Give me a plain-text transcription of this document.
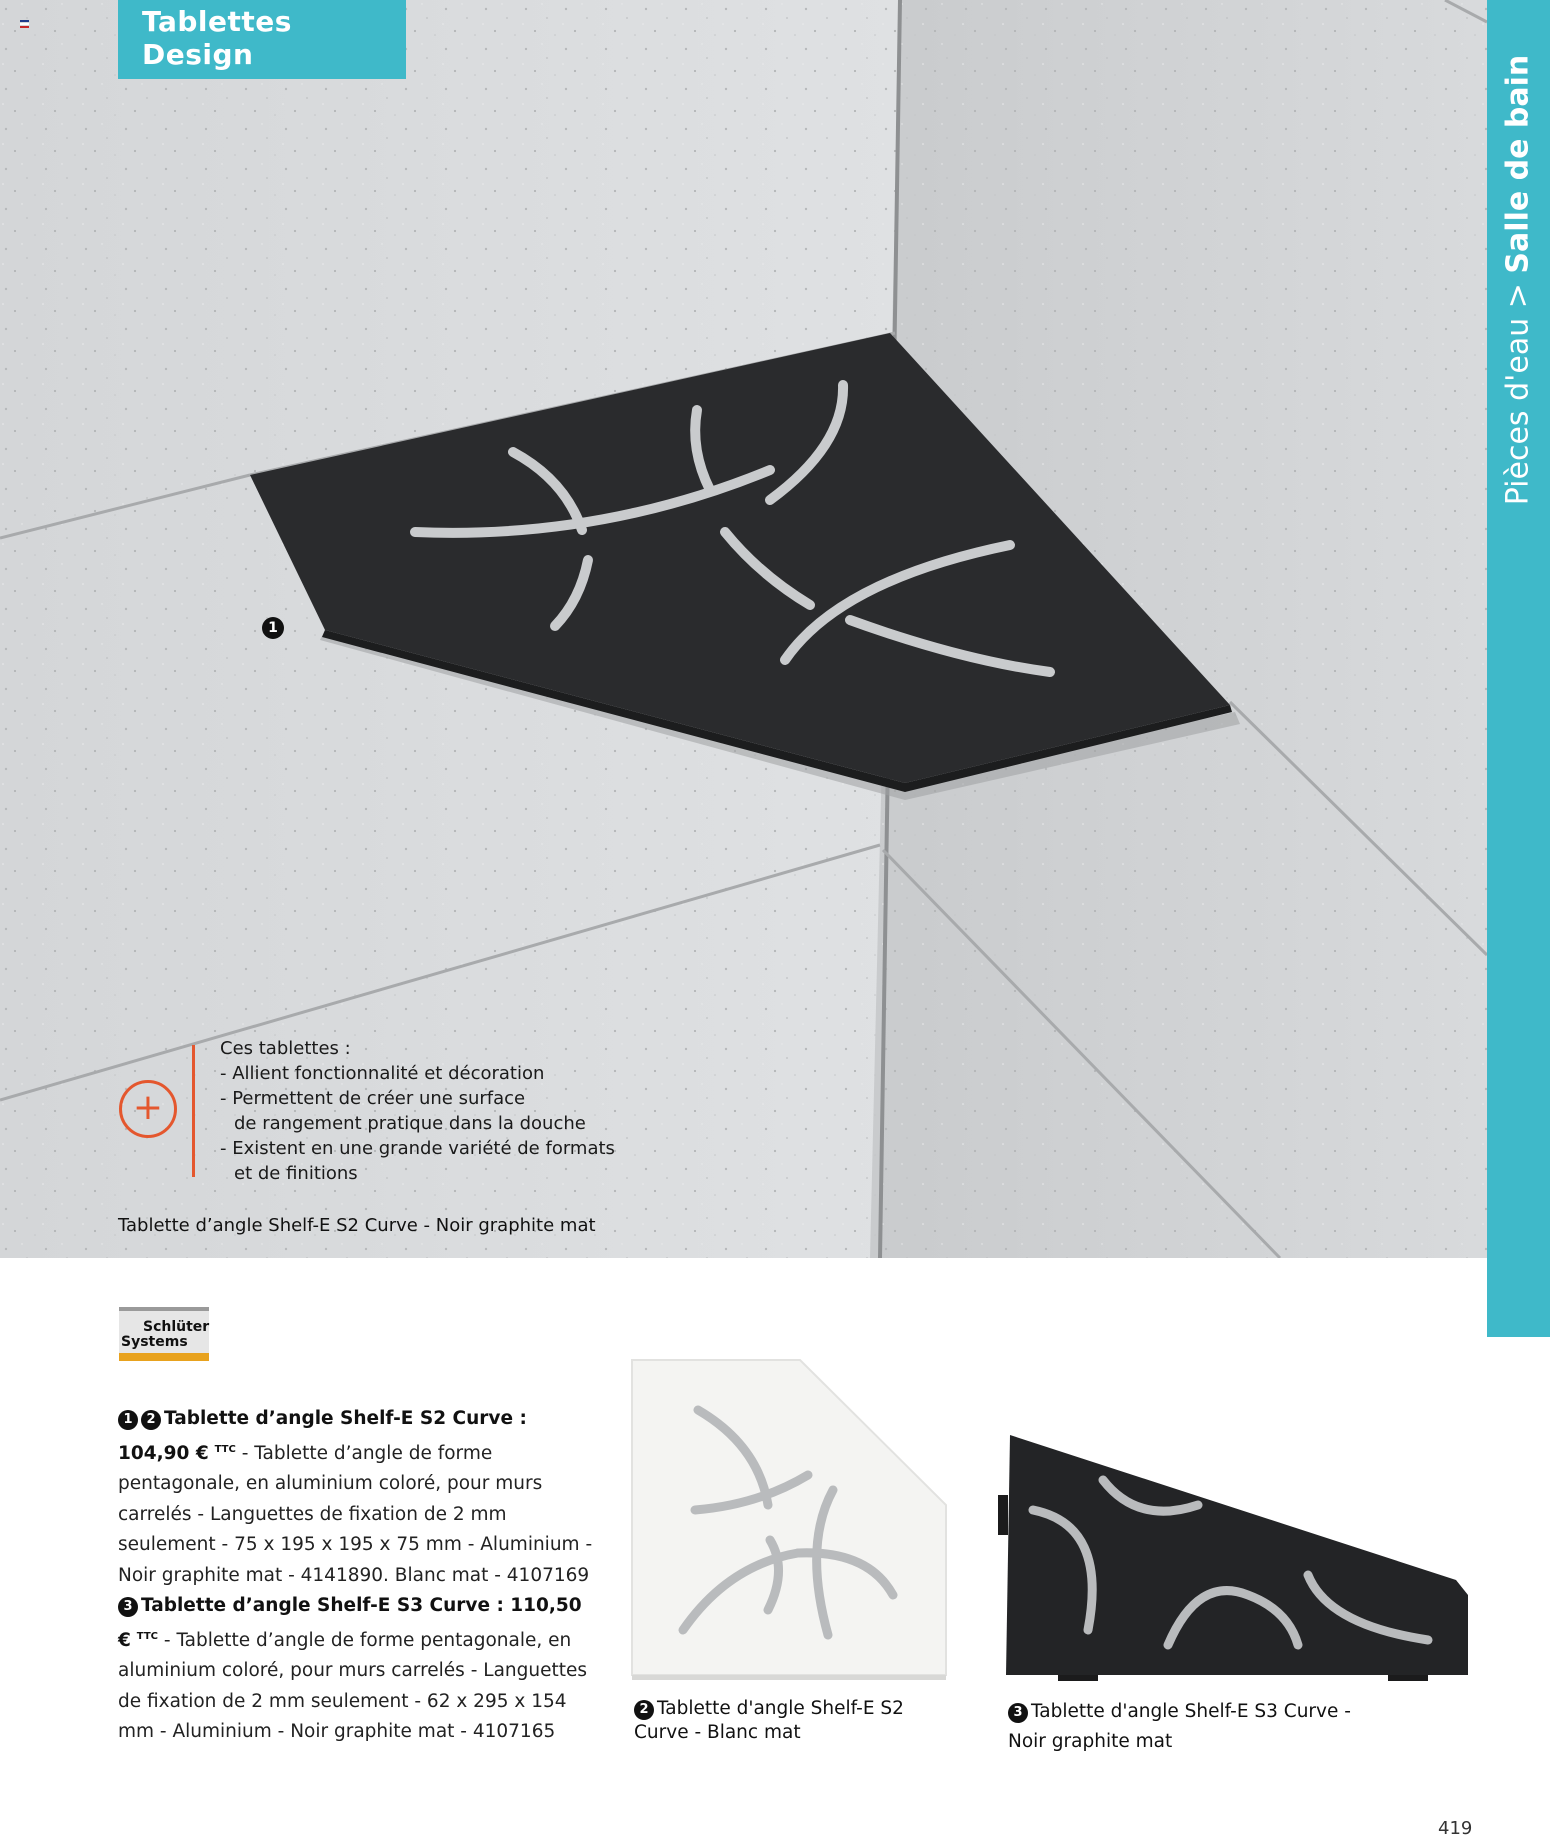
Tablettes Design
Pièces d'eau > Salle de bain
1
+
Ces tablettes :
- Allient fonctionnalité et décoration
- Permettent de créer une surface
de rangement pratique dans la douche
- Existent en une grande variété de formats
et de finitions
Tablette d’angle Shelf-E S2 Curve - Noir graphite mat
Schlüter
Systems

1 2 Tablette d’angle Shelf-E S2 Curve : 104,90 € $^{TTC}$ - Tablette d’angle de forme pentagonale, en aluminium coloré, pour murs carrelés - Languettes de fixation de 2 mm seulement - 75 x 195 x 195 x 75 mm - Aluminium - Noir graphite mat - 4141890. Blanc mat - 4107169

3 Tablette d’angle Shelf-E S3 Curve : 110,50 € $^{TTC}$ - Tablette d’angle de forme pentagonale, en aluminium coloré, pour murs carrelés - Languettes de fixation de 2 mm seulement - 62 x 295 x 154 mm - Aluminium - Noir graphite mat - 4107165

2 Tablette d'angle Shelf-E S2 Curve - Blanc mat
3 Tablette d'angle Shelf-E S3 Curve - Noir graphite mat
419
